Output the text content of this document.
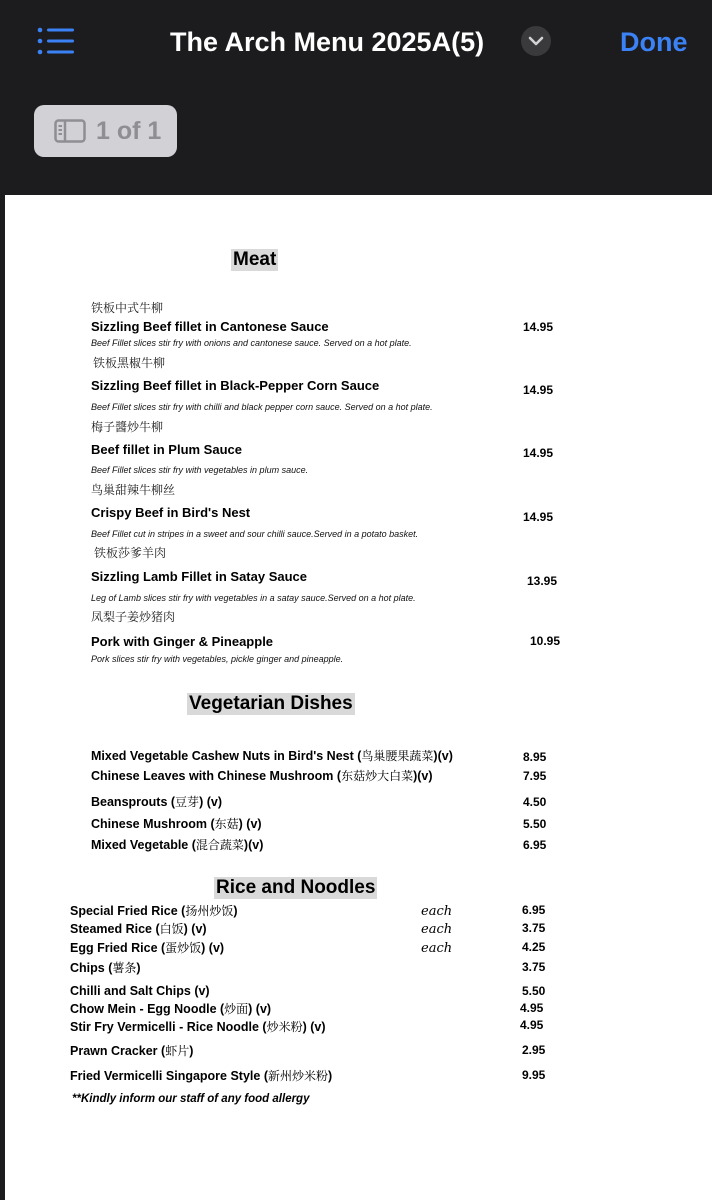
The Arch Menu 2025A(5)	Done
1 of 1
Meat
铁板中式牛柳
Sizzling Beef fillet in Cantonese Sauce
Beef Fillet slices stir fry with onions and cantonese sauce. Served on a hot plate.
14.95
铁板黑椒牛柳
Sizzling Beef fillet in Black-Pepper Corn Sauce
Beef Fillet slices stir fry with chilli and black pepper corn sauce. Served on a hot plate.
14.95
梅子醬炒牛柳
Beef fillet in Plum Sauce
Beef Fillet slices stir fry with vegetables in plum sauce.
14.95
鸟巢甜辣牛柳丝
Crispy Beef in Bird's Nest
Beef Fillet cut in stripes in a sweet and sour chilli sauce.Served in a potato basket.
14.95
铁板莎爹羊肉
Sizzling Lamb Fillet in Satay Sauce
Leg of Lamb slices stir fry with vegetables in a satay sauce.Served on a hot plate.
13.95
凤梨子姜炒猪肉
Pork with Ginger & Pineapple
Pork slices stir fry with vegetables, pickle ginger and pineapple.
10.95
Vegetarian Dishes
Mixed Vegetable Cashew Nuts in Bird's Nest (鸟巢腰果蔬菜)(v)	8.95
Chinese Leaves with Chinese Mushroom (东菇炒大白菜)(v)	7.95
Beansprouts (豆芽) (v)	4.50
Chinese Mushroom (东菇) (v)	5.50
Mixed Vegetable (混合蔬菜)(v)	6.95
Rice and Noodles
Special Fried Rice (扬州炒饭)	each	6.95
Steamed Rice (白饭) (v)	each	3.75
Egg Fried Rice (蛋炒饭) (v)	each	4.25
Chips (薯条)	3.75
Chilli and Salt Chips (v)	5.50
Chow Mein - Egg Noodle (炒面) (v)	4.95
Stir Fry Vermicelli - Rice Noodle (炒米粉) (v)	4.95
Prawn Cracker (虾片)	2.95
Fried Vermicelli Singapore Style (新州炒米粉)	9.95
**Kindly inform our staff of any food allergy
